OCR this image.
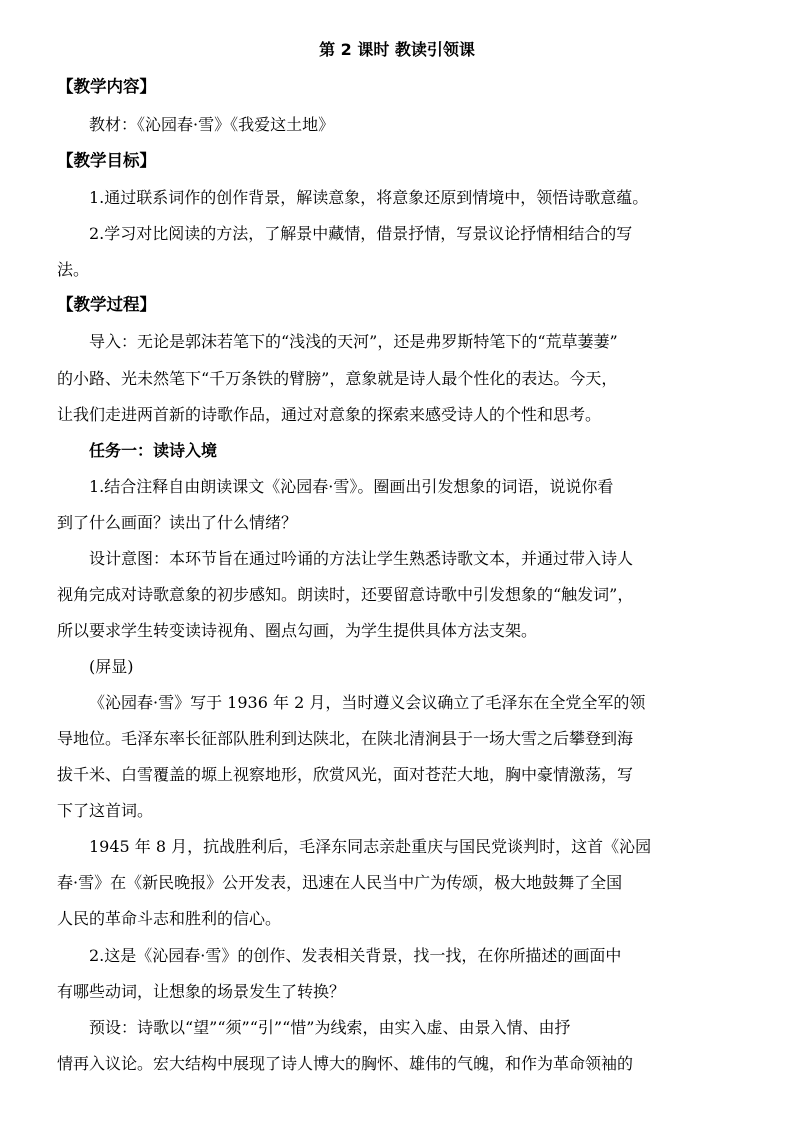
第 2 课时 教读引领课
【教学内容】
教材：《沁园春·雪》《我爱这土地》
【教学目标】
1.通过联系词作的创作背景，解读意象，将意象还原到情境中，领悟诗歌意蕴。
2.学习对比阅读的方法，了解景中藏情，借景抒情，写景议论抒情相结合的写
法。
【教学过程】
导入：无论是郭沫若笔下的“浅浅的天河”，还是弗罗斯特笔下的“荒草萋萋”
的小路、光未然笔下“千万条铁的臂膀”，意象就是诗人最个性化的表达。今天，
让我们走进两首新的诗歌作品，通过对意象的探索来感受诗人的个性和思考。
任务一：读诗入境
1.结合注释自由朗读课文《沁园春·雪》。圈画出引发想象的词语，说说你看
到了什么画面？读出了什么情绪？
设计意图：本环节旨在通过吟诵的方法让学生熟悉诗歌文本，并通过带入诗人
视角完成对诗歌意象的初步感知。朗读时，还要留意诗歌中引发想象的“触发词”，
所以要求学生转变读诗视角、圈点勾画，为学生提供具体方法支架。
(屏显)
《沁园春·雪》写于 1936 年 2 月，当时遵义会议确立了毛泽东在全党全军的领
导地位。毛泽东率长征部队胜利到达陕北，在陕北清涧县于一场大雪之后攀登到海
拔千米、白雪覆盖的塬上视察地形，欣赏风光，面对苍茫大地，胸中豪情激荡，写
下了这首词。
1945 年 8 月，抗战胜利后，毛泽东同志亲赴重庆与国民党谈判时，这首《沁园
春·雪》在《新民晚报》公开发表，迅速在人民当中广为传颂，极大地鼓舞了全国
人民的革命斗志和胜利的信心。
2.这是《沁园春·雪》的创作、发表相关背景，找一找，在你所描述的画面中
有哪些动词，让想象的场景发生了转换？
预设：诗歌以“望”“须”“引”“惜”为线索，由实入虚、由景入情、由抒
情再入议论。宏大结构中展现了诗人博大的胸怀、雄伟的气魄，和作为革命领袖的
